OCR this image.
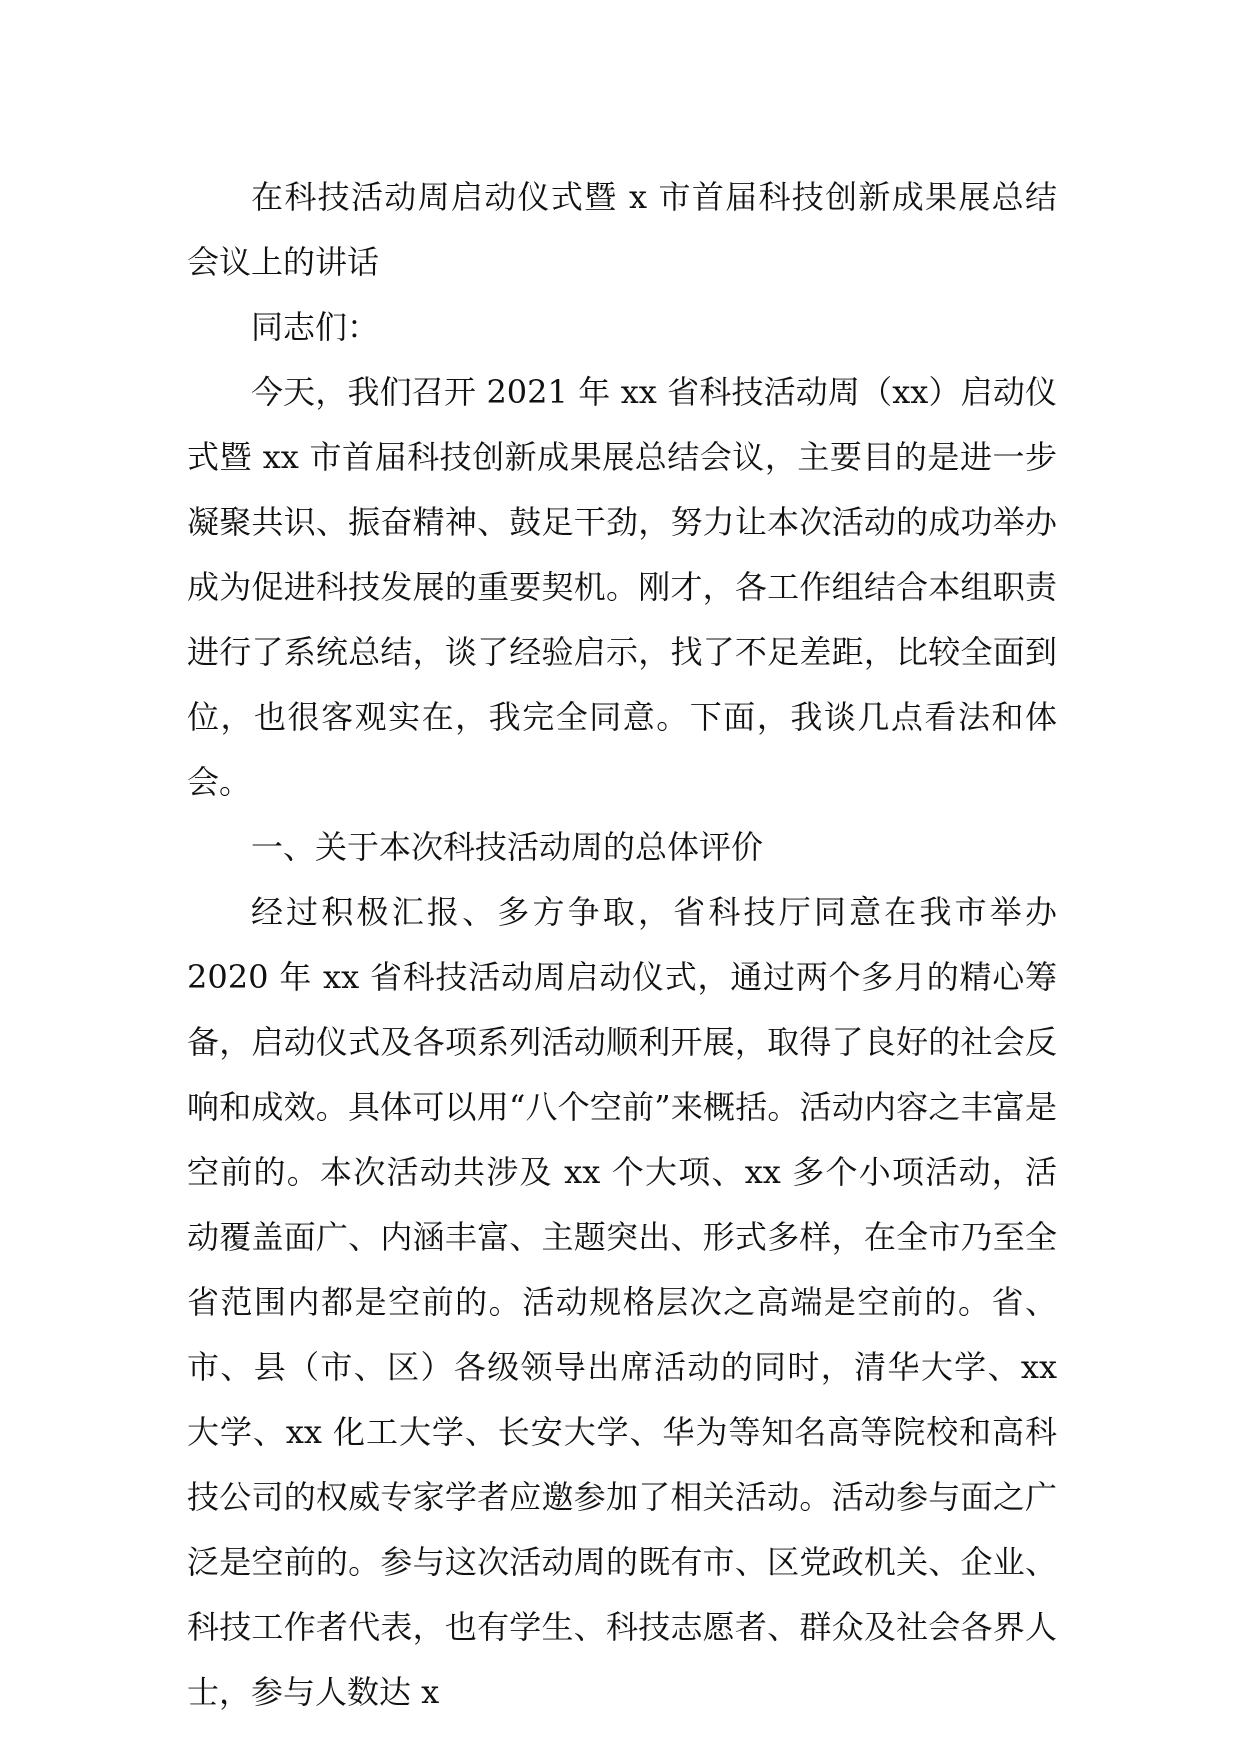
在科技活动周启动仪式暨 x 市首届科技创新成果展总结会议上的讲话

同志们：

今天，我们召开 2021 年 xx 省科技活动周（xx）启动仪式暨 xx 市首届科技创新成果展总结会议，主要目的是进一步凝聚共识、振奋精神、鼓足干劲，努力让本次活动的成功举办成为促进科技发展的重要契机。刚才，各工作组结合本组职责进行了系统总结，谈了经验启示，找了不足差距，比较全面到位，也很客观实在，我完全同意。下面，我谈几点看法和体会。

一、关于本次科技活动周的总体评价

经过积极汇报、多方争取，省科技厅同意在我市举办 2020 年 xx 省科技活动周启动仪式，通过两个多月的精心筹备，启动仪式及各项系列活动顺利开展，取得了良好的社会反响和成效。具体可以用“八个空前”来概括。活动内容之丰富是空前的。本次活动共涉及 xx 个大项、xx 多个小项活动，活动覆盖面广、内涵丰富、主题突出、形式多样，在全市乃至全省范围内都是空前的。活动规格层次之高端是空前的。省、市、县（市、区）各级领导出席活动的同时，清华大学、xx 大学、xx 化工大学、长安大学、华为等知名高等院校和高科技公司的权威专家学者应邀参加了相关活动。活动参与面之广泛是空前的。参与这次活动周的既有市、区党政机关、企业、科技工作者代表，也有学生、科技志愿者、群众及社会各界人士，参与人数达 x
